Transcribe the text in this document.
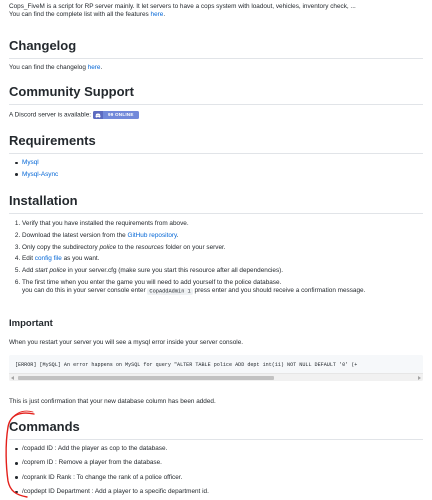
Cops_FiveM is a script for RP server mainly. It let servers to have a cops system with loadout, vehicles, inventory check, ...

You can find the complete list with all the features here.

Changelog

You can find the changelog here.

Community Support

A Discord server is available:	99 ONLINE

Requirements
Mysql
Mysql-Async
Installation
1. Verify that you have installed the requirements from above.
2. Download the latest version from the GitHub repository.
3. Only copy the subdirectory police to the resources folder on your server.
4. Edit config file as you want.
5. Add start police in your server.cfg (make sure you start this resource after all dependencies).
6. The first time when you enter the game you will need to add yourself to the police database.
you can do this in your server console enter CopAddAdmin 1 press enter and you should receive a confirmation message.
Important

When you restart your server you will see a mysql error inside your server console.

[ERROR] [MySQL] An error happens on MySQL for query "ALTER TABLE police ADD dept int(11) NOT NULL DEFAULT '0' (+

This is just confirmation that your new database column has been added.

Commands
/copadd ID : Add the player as cop to the database.
/coprem ID : Remove a player from the database.
/coprank ID Rank : To change the rank of a police officer.
/copdept ID Department : Add a player to a specific department id.
